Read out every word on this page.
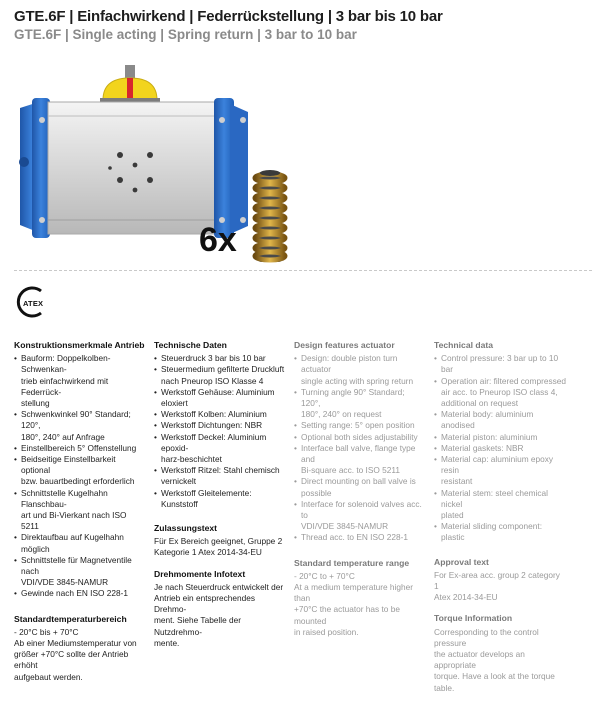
GTE.6F | Einfachwirkend | Federrückstellung | 3 bar bis 10 bar
GTE.6F | Single acting | Spring return | 3 bar to 10 bar
6x
ATEX
Konstruktionsmerkmale Antrieb
• Bauform: Doppelkolben-Schwenkan-

trieb einfachwirkend mit Federrück-

stellung

• Schwenkwinkel 90° Standard; 120°,

180°, 240° auf Anfrage

• Einstellbereich 5° Offenstellung
• Beidseitige Einstellbarkeit optional

bzw. bauartbedingt erforderlich

• Schnittstelle Kugelhahn Flanschbau-

art und Bi-Vierkant nach ISO 5211

• Direktaufbau auf Kugelhahn möglich
• Schnittstelle für Magnetventile nach

VDI/VDE 3845-NAMUR

• Gewinde nach EN ISO 228-1
Standardtemperaturbereich

- 20°C bis + 70°C

Ab einer Mediumstemperatur von

größer +70°C sollte der Antrieb erhöht

aufgebaut werden.

Technische Daten
• Steuerdruck 3 bar bis 10 bar
• Steuermedium gefilterte Druckluft

nach Pneurop ISO Klasse 4

• Werkstoff Gehäuse: Aluminium

eloxiert

• Werkstoff Kolben: Aluminium
• Werkstoff Dichtungen: NBR
• Werkstoff Deckel: Aluminium epoxid-

harz-beschichtet

• Werkstoff Ritzel: Stahl chemisch

vernickelt

• Werkstoff Gleitelemente: Kunststoff
Zulassungstext

Für Ex Bereich geeignet, Gruppe 2

Kategorie 1 Atex 2014-34-EU

Drehmomente Infotext

Je nach Steuerdruck entwickelt der

Antrieb ein entsprechendes Drehmo-

ment. Siehe Tabelle der Nutzdrehmo-

mente.

Design features actuator
• Design: double piston turn actuator

single acting with spring return

• Turning angle 90° Standard; 120°,

180°, 240° on request

• Setting range: 5° open position
• Optional both sides adjustability
• Interface ball valve, flange type and

Bi-square acc. to ISO 5211

• Direct mounting on ball valve is

possible

• Interface for solenoid valves acc. to

VDI/VDE 3845-NAMUR

• Thread acc. to EN ISO 228-1
Standard temperature range

- 20°C to + 70°C

At a medium temperature higher than

+70°C the actuator has to be mounted

in raised position.

Technical data
• Control pressure: 3 bar up to 10 bar
• Operation air: filtered compressed

air acc. to Pneurop ISO class 4,

additional on request

• Material body: aluminium anodised
• Material piston: aluminium
• Material gaskets: NBR
• Material cap: aluminium epoxy resin

resistant

• Material stem: steel chemical nickel

plated

• Material sliding component: plastic
Approval text

For Ex-area acc. group 2 category 1

Atex 2014-34-EU

Torque Information

Corresponding to the control pressure

the actuator develops an appropriate

torque. Have a look at the torque

table.
